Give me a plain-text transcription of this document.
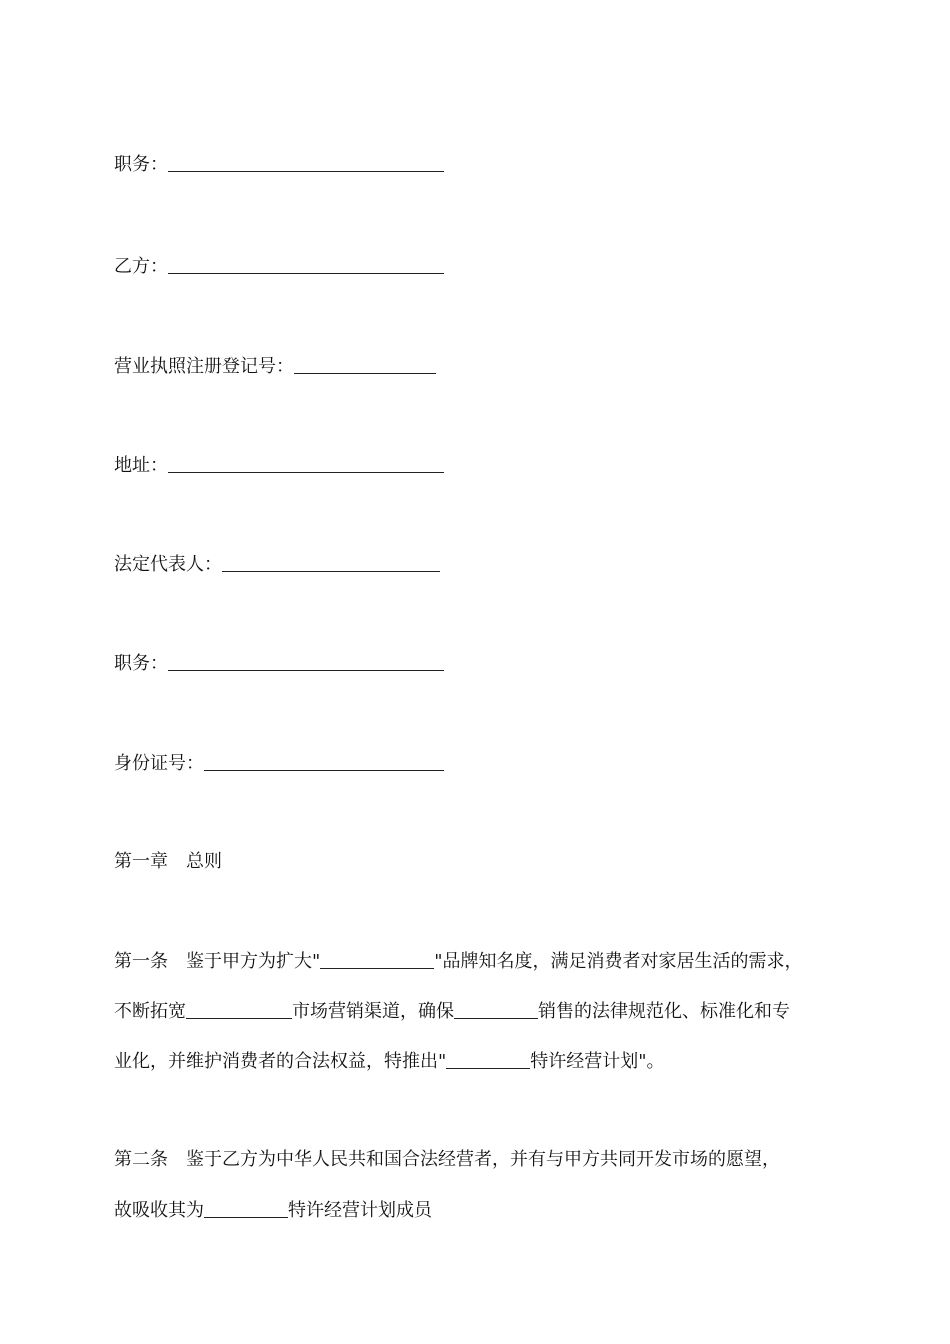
职务：
乙方：
营业执照注册登记号：
地址：
法定代表人：
职务：
身份证号：
第一章　总则
第一条　鉴于甲方为扩大"	"品牌知名度，满足消费者对家居生活的需求，
不断拓宽	市场营销渠道，确保	销售的法律规范化、标准化和专
业化，并维护消费者的合法权益，特推出"	特许经营计划"。
第二条　鉴于乙方为中华人民共和国合法经营者，并有与甲方共同开发市场的愿望，
故吸收其为	特许经营计划成员
